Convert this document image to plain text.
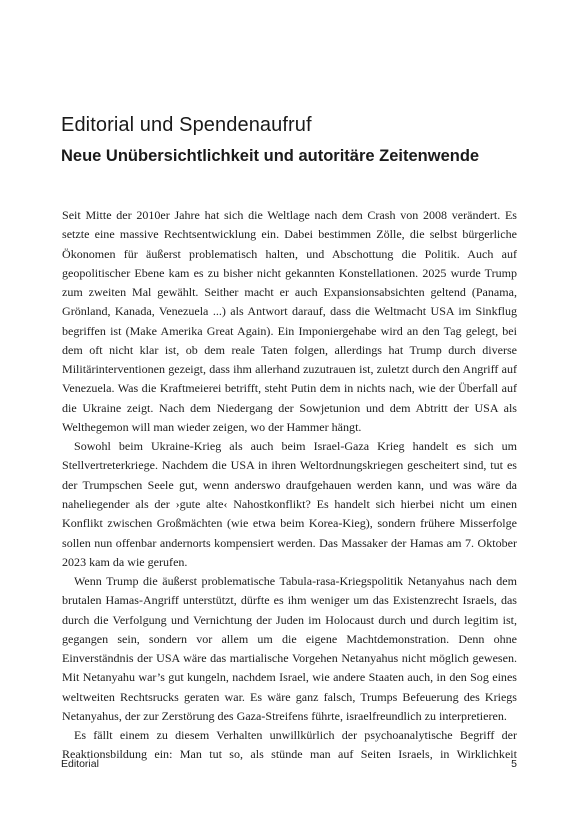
Editorial und Spendenaufruf
Neue Unübersichtlichkeit und autoritäre Zeitenwende

Seit Mitte der 2010er Jahre hat sich die Weltlage nach dem Crash von 2008 verändert. Es setzte eine massive Rechtsentwicklung ein. Dabei bestimmen Zölle, die selbst bürgerliche Ökonomen für äußerst problematisch halten, und Abschottung die Politik. Auch auf geopolitischer Ebene kam es zu bisher nicht gekannten Konstellationen. 2025 wurde Trump zum zweiten Mal gewählt. Seither macht er auch Expansionsabsichten geltend (Panama, Grönland, Kanada, Venezuela ...) als Antwort darauf, dass die Weltmacht USA im Sinkflug begriffen ist (Make Amerika Great Again). Ein Imponiergehabe wird an den Tag gelegt, bei dem oft nicht klar ist, ob dem reale Taten folgen, allerdings hat Trump durch diverse Militärinterventionen gezeigt, dass ihm allerhand zuzutrauen ist, zuletzt durch den Angriff auf Venezuela. Was die Kraftmeierei betrifft, steht Putin dem in nichts nach, wie der Überfall auf die Ukraine zeigt. Nach dem Niedergang der Sowjetunion und dem Abtritt der USA als Welthegemon will man wieder zeigen, wo der Hammer hängt.

Sowohl beim Ukraine-Krieg als auch beim Israel-Gaza Krieg handelt es sich um Stellvertreterkriege. Nachdem die USA in ihren Weltordnungskriegen gescheitert sind, tut es der Trumpschen Seele gut, wenn anderswo draufgehauen werden kann, und was wäre da naheliegender als der ›gute alte‹ Nahostkonflikt? Es handelt sich hierbei nicht um einen Konflikt zwischen Großmächten (wie etwa beim Korea-Kieg), sondern frühere Misserfolge sollen nun offenbar andernorts kompensiert werden. Das Massaker der Hamas am 7. Oktober 2023 kam da wie gerufen.

Wenn Trump die äußerst problematische Tabula-rasa-Kriegspolitik Netanyahus nach dem brutalen Hamas-Angriff unterstützt, dürfte es ihm weniger um das Existenzrecht Israels, das durch die Verfolgung und Vernichtung der Juden im Holocaust durch und durch legitim ist, gegangen sein, sondern vor allem um die eigene Machtdemonstration. Denn ohne Einverständnis der USA wäre das martialische Vorgehen Netanyahus nicht möglich gewesen. Mit Netanyahu war’s gut kungeln, nachdem Israel, wie andere Staaten auch, in den Sog eines weltweiten Rechtsrucks geraten war. Es wäre ganz falsch, Trumps Befeuerung des Kriegs Netanyahus, der zur Zerstörung des Gaza-Streifens führte, israelfreundlich zu interpretieren.

Es fällt einem zu diesem Verhalten unwillkürlich der psychoanalytische Begriff der Reaktionsbildung ein: Man tut so, als stünde man auf Seiten Israels, in Wirklichkeit

Editorial	5
